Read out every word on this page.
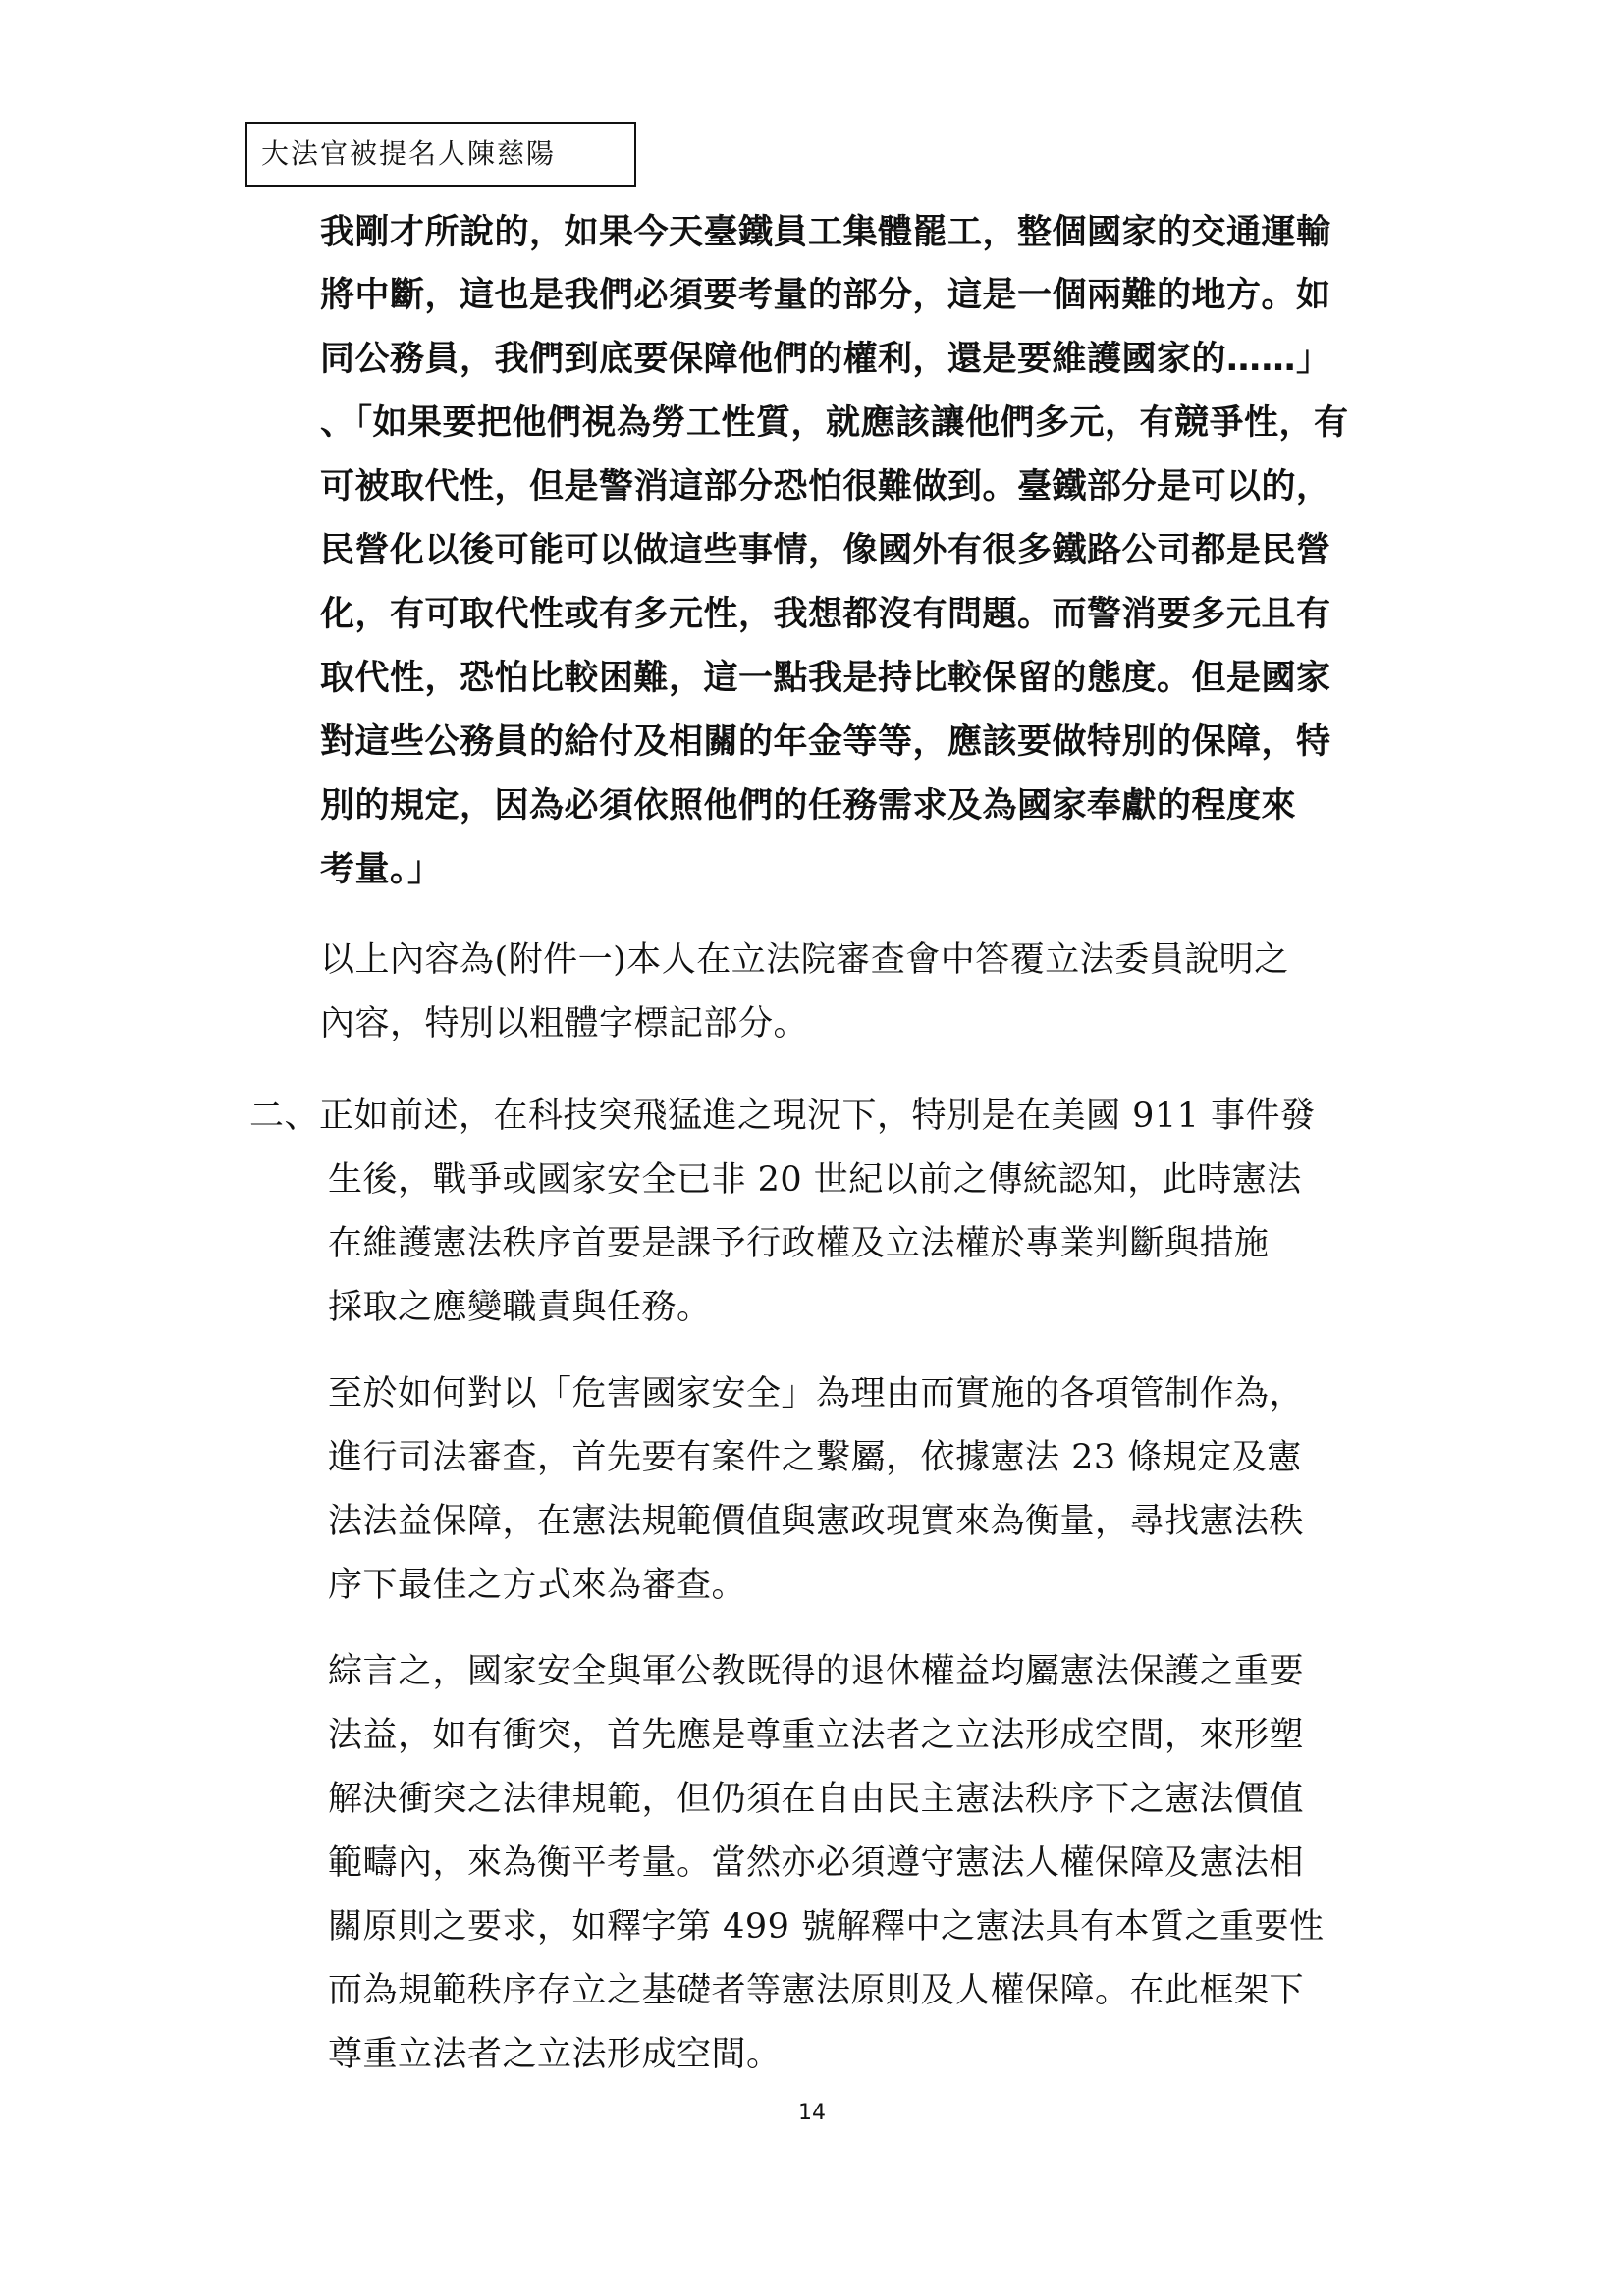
大法官被提名人陳慈陽
我剛才所說的，如果今天臺鐵員工集體罷工，整個國家的交通運輸
將中斷，這也是我們必須要考量的部分，這是一個兩難的地方。如
同公務員，我們到底要保障他們的權利，還是要維護國家的……」
、「如果要把他們視為勞工性質，就應該讓他們多元，有競爭性，有
可被取代性，但是警消這部分恐怕很難做到。臺鐵部分是可以的，
民營化以後可能可以做這些事情，像國外有很多鐵路公司都是民營
化，有可取代性或有多元性，我想都沒有問題。而警消要多元且有
取代性，恐怕比較困難，這一點我是持比較保留的態度。但是國家
對這些公務員的給付及相關的年金等等，應該要做特別的保障，特
別的規定，因為必須依照他們的任務需求及為國家奉獻的程度來
考量。」
以上內容為(附件一)本人在立法院審查會中答覆立法委員說明之
內容，特別以粗體字標記部分。
二、正如前述，在科技突飛猛進之現況下，特別是在美國 911 事件發
生後，戰爭或國家安全已非 20 世紀以前之傳統認知，此時憲法
在維護憲法秩序首要是課予行政權及立法權於專業判斷與措施
採取之應變職責與任務。
至於如何對以「危害國家安全」為理由而實施的各項管制作為，
進行司法審查，首先要有案件之繫屬，依據憲法 23 條規定及憲
法法益保障，在憲法規範價值與憲政現實來為衡量，尋找憲法秩
序下最佳之方式來為審查。
綜言之，國家安全與軍公教既得的退休權益均屬憲法保護之重要
法益，如有衝突，首先應是尊重立法者之立法形成空間，來形塑
解決衝突之法律規範，但仍須在自由民主憲法秩序下之憲法價值
範疇內，來為衡平考量。當然亦必須遵守憲法人權保障及憲法相
關原則之要求，如釋字第 499 號解釋中之憲法具有本質之重要性
而為規範秩序存立之基礎者等憲法原則及人權保障。在此框架下
尊重立法者之立法形成空間。
14
